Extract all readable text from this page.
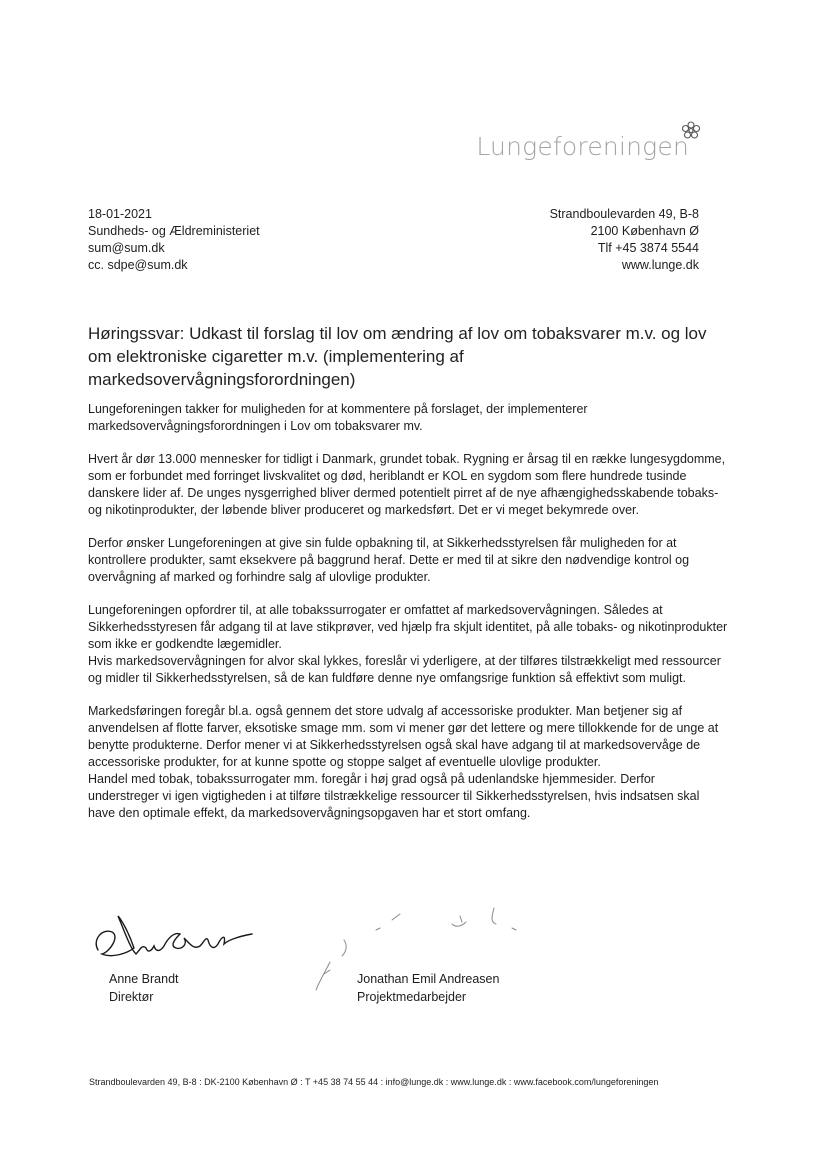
Lungeforeningen
18-01-2021
Sundheds- og Ældreministeriet
sum@sum.dk
cc. sdpe@sum.dk
Strandboulevarden 49, B-8
2100 København Ø
Tlf +45 3874 5544
www.lunge.dk
Høringssvar: Udkast til forslag til lov om ændring af lov om tobaksvarer m.v. og lov om elektroniske cigaretter m.v. (implementering af markedsovervågningsforordningen)

Lungeforeningen takker for muligheden for at kommentere på forslaget, der implementerer markedsovervågningsforordningen i Lov om tobaksvarer mv.

Hvert år dør 13.000 mennesker for tidligt i Danmark, grundet tobak. Rygning er årsag til en række lungesygdomme, som er forbundet med forringet livskvalitet og død, heriblandt er KOL en sygdom som flere hundrede tusinde danskere lider af. De unges nysgerrighed bliver dermed potentielt pirret af de nye afhængighedsskabende tobaks- og nikotinprodukter, der løbende bliver produceret og markedsført. Det er vi meget bekymrede over.

Derfor ønsker Lungeforeningen at give sin fulde opbakning til, at Sikkerhedsstyrelsen får muligheden for at kontrollere produkter, samt eksekvere på baggrund heraf. Dette er med til at sikre den nødvendige kontrol og overvågning af marked og forhindre salg af ulovlige produkter.

Lungeforeningen opfordrer til, at alle tobakssurrogater er omfattet af markedsovervågningen. Således at Sikkerhedsstyresen får adgang til at lave stikprøver, ved hjælp fra skjult identitet, på alle tobaks- og nikotinprodukter som ikke er godkendte lægemidler.

Hvis markedsovervågningen for alvor skal lykkes, foreslår vi yderligere, at der tilføres tilstrækkeligt med ressourcer og midler til Sikkerhedsstyrelsen, så de kan fuldføre denne nye omfangsrige funktion så effektivt som muligt.

Markedsføringen foregår bl.a. også gennem det store udvalg af accessoriske produkter. Man betjener sig af anvendelsen af flotte farver, eksotiske smage mm. som vi mener gør det lettere og mere tillokkende for de unge at benytte produkterne. Derfor mener vi at Sikkerhedsstyrelsen også skal have adgang til at markedsovervåge de accessoriske produkter, for at kunne spotte og stoppe salget af eventuelle ulovlige produkter.

Handel med tobak, tobakssurrogater mm. foregår i høj grad også på udenlandske hjemmesider. Derfor understreger vi igen vigtigheden i at tilføre tilstrækkelige ressourcer til Sikkerhedsstyrelsen, hvis indsatsen skal have den optimale effekt, da markedsovervågningsopgaven har et stort omfang.

Anne Brandt
Direktør
Jonathan Emil Andreasen
Projektmedarbejder
Strandboulevarden 49, B-8 : DK-2100 København Ø : T +45 38 74 55 44 : info@lunge.dk : www.lunge.dk : www.facebook.com/lungeforeningen
